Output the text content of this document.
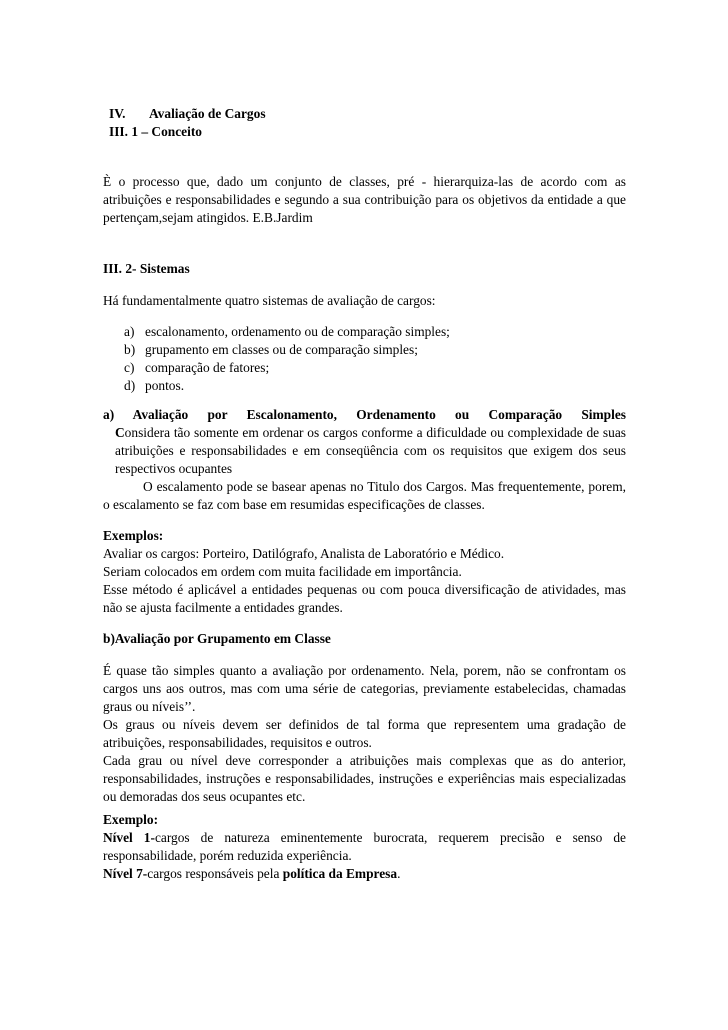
IV. Avaliação de Cargos
III. 1 – Conceito

È o processo que, dado um conjunto de classes, pré - hierarquiza-las de acordo com as atribuições e responsabilidades e segundo a sua contribuição para os objetivos da entidade a que pertençam,sejam atingidos. E.B.Jardim

III. 2- Sistemas

Há fundamentalmente quatro sistemas de avaliação de cargos:

a) escalonamento, ordenamento ou de comparação simples;
b) grupamento em classes ou de comparação simples;
c) comparação de fatores;
d) pontos.
a) Avaliação por Escalonamento, Ordenamento ou Comparação Simples

Considera tão somente em ordenar os cargos conforme a dificuldade ou complexidade de suas atribuições e responsabilidades e em conseqüência com os requisitos que exigem dos seus respectivos ocupantes

O escalamento pode se basear apenas no Titulo dos Cargos. Mas frequentemente, porem, o escalamento se faz com base em resumidas especificações de classes.

Exemplos:

Avaliar os cargos: Porteiro, Datilógrafo, Analista de Laboratório e Médico.

Seriam colocados em ordem com muita facilidade em importância.

Esse método é aplicável a entidades pequenas ou com pouca diversificação de atividades, mas não se ajusta facilmente a entidades grandes.

b)Avaliação por Grupamento em Classe

É quase tão simples quanto a avaliação por ordenamento. Nela, porem, não se confrontam os cargos uns aos outros, mas com uma série de categorias, previamente estabelecidas, chamadas graus ou níveis’’.

Os graus ou níveis devem ser definidos de tal forma que representem uma gradação de atribuições, responsabilidades, requisitos e outros.

Cada grau ou nível deve corresponder a atribuições mais complexas que as do anterior, responsabilidades, instruções e responsabilidades, instruções e experiências mais especializadas ou demoradas dos seus ocupantes etc.

Exemplo:

Nível 1-cargos de natureza eminentemente burocrata, requerem precisão e senso de responsabilidade, porém reduzida experiência.

Nível 7-cargos responsáveis pela política da Empresa.
